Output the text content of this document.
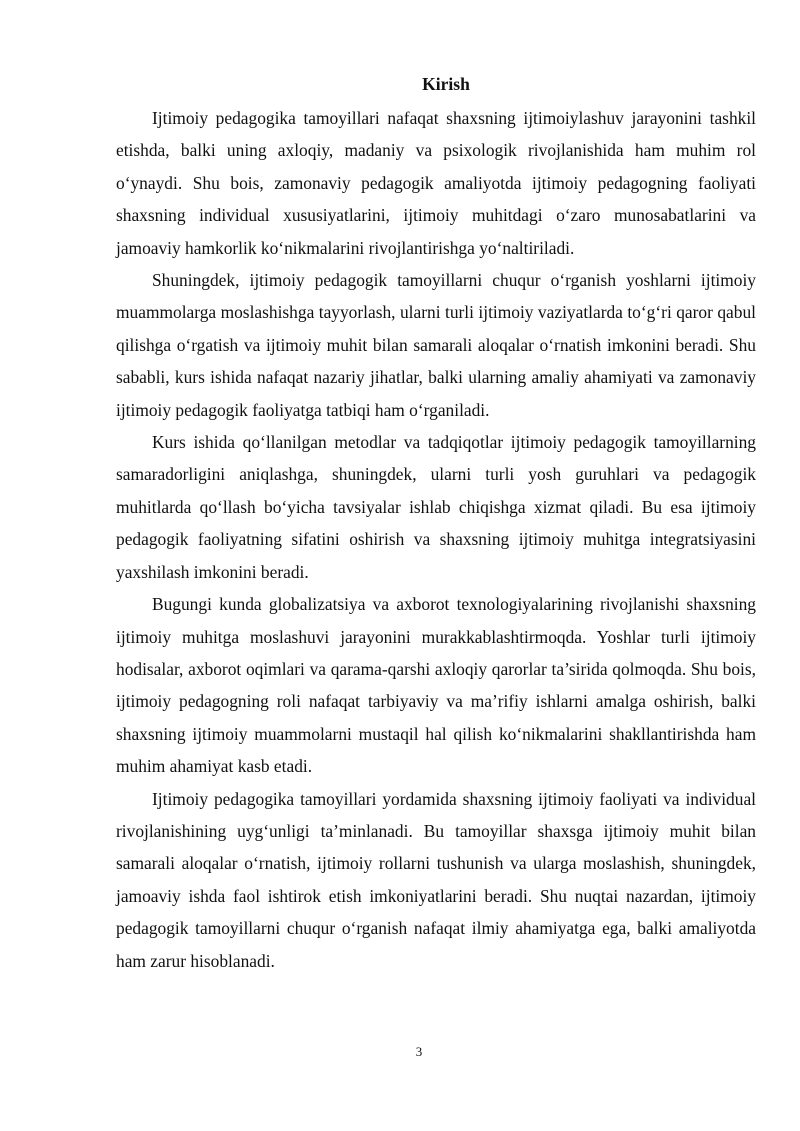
Kirish

Ijtimoiy pedagogika tamoyillari nafaqat shaxsning ijtimoiylashuv jarayonini tashkil etishda, balki uning axloqiy, madaniy va psixologik rivojlanishida ham muhim rol o‘ynaydi. Shu bois, zamonaviy pedagogik amaliyotda ijtimoiy pedagogning faoliyati shaxsning individual xususiyatlarini, ijtimoiy muhitdagi o‘zaro munosabatlarini va jamoaviy hamkorlik ko‘nikmalarini rivojlantirishga yo‘naltiriladi.

Shuningdek, ijtimoiy pedagogik tamoyillarni chuqur o‘rganish yoshlarni ijtimoiy muammolarga moslashishga tayyorlash, ularni turli ijtimoiy vaziyatlarda to‘g‘ri qaror qabul qilishga o‘rgatish va ijtimoiy muhit bilan samarali aloqalar o‘rnatish imkonini beradi. Shu sababli, kurs ishida nafaqat nazariy jihatlar, balki ularning amaliy ahamiyati va zamonaviy ijtimoiy pedagogik faoliyatga tatbiqi ham o‘rganiladi.

Kurs ishida qo‘llanilgan metodlar va tadqiqotlar ijtimoiy pedagogik tamoyillarning samaradorligini aniqlashga, shuningdek, ularni turli yosh guruhlari va pedagogik muhitlarda qo‘llash bo‘yicha tavsiyalar ishlab chiqishga xizmat qiladi. Bu esa ijtimoiy pedagogik faoliyatning sifatini oshirish va shaxsning ijtimoiy muhitga integratsiyasini yaxshilash imkonini beradi.

Bugungi kunda globalizatsiya va axborot texnologiyalarining rivojlanishi shaxsning ijtimoiy muhitga moslashuvi jarayonini murakkablashtirmoqda. Yoshlar turli ijtimoiy hodisalar, axborot oqimlari va qarama-qarshi axloqiy qarorlar ta’sirida qolmoqda. Shu bois, ijtimoiy pedagogning roli nafaqat tarbiyaviy va ma’rifiy ishlarni amalga oshirish, balki shaxsning ijtimoiy muammolarni mustaqil hal qilish ko‘nikmalarini shakllantirishda ham muhim ahamiyat kasb etadi.

Ijtimoiy pedagogika tamoyillari yordamida shaxsning ijtimoiy faoliyati va individual rivojlanishining uyg‘unligi ta’minlanadi. Bu tamoyillar shaxsga ijtimoiy muhit bilan samarali aloqalar o‘rnatish, ijtimoiy rollarni tushunish va ularga moslashish, shuningdek, jamoaviy ishda faol ishtirok etish imkoniyatlarini beradi. Shu nuqtai nazardan, ijtimoiy pedagogik tamoyillarni chuqur o‘rganish nafaqat ilmiy ahamiyatga ega, balki amaliyotda ham zarur hisoblanadi.

3
